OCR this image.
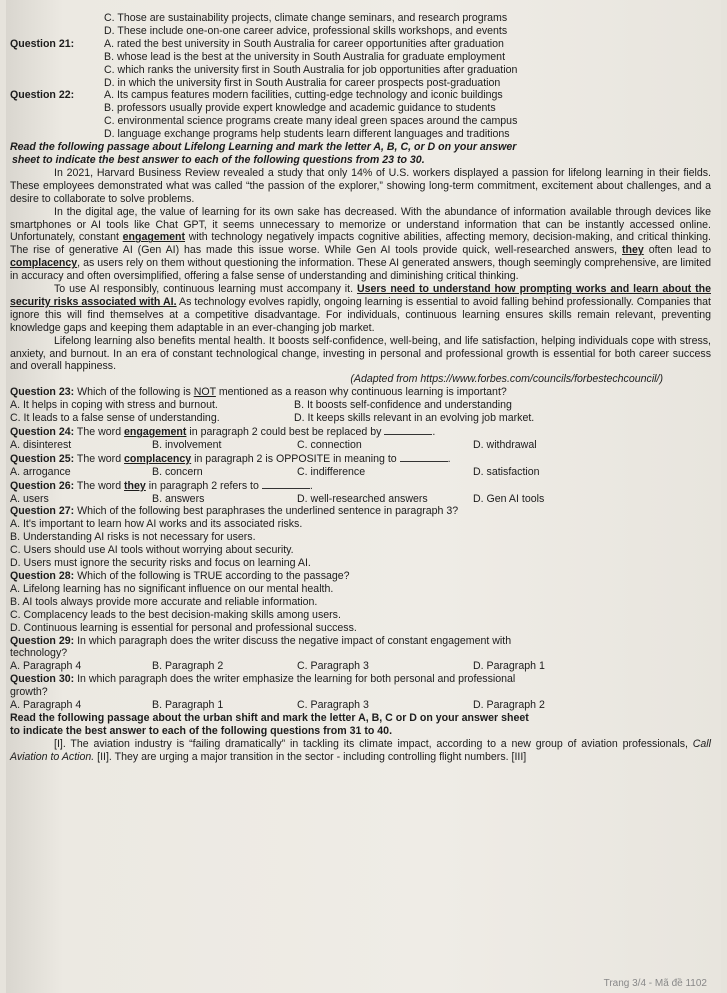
C. Those are sustainability projects, climate change seminars, and research programs
D. These include one-on-one career advice, professional skills workshops, and events
Question 21:	A. rated the best university in South Australia for career opportunities after graduation
B. whose lead is the best at the university in South Australia for graduate employment
C. which ranks the university first in South Australia for job opportunities after graduation
D. in which the university first in South Australia for career prospects post-graduation
Question 22:	A. Its campus features modern facilities, cutting-edge technology and iconic buildings
B. professors usually provide expert knowledge and academic guidance to students
C. environmental science programs create many ideal green spaces around the campus
D. language exchange programs help students learn different languages and traditions
Read the following passage about Lifelong Learning and mark the letter A, B, C, or D on your answer
sheet to indicate the best answer to each of the following questions from 23 to 30.
In 2021, Harvard Business Review revealed a study that only 14% of U.S. workers displayed a passion for lifelong learning in their fields. These employees demonstrated what was called “the passion of the explorer,” showing long-term commitment, excitement about challenges, and a desire to collaborate to solve problems.
In the digital age, the value of learning for its own sake has decreased. With the abundance of information available through devices like smartphones or AI tools like Chat GPT, it seems unnecessary to memorize or understand information that can be instantly accessed online. Unfortunately, constant engagement with technology negatively impacts cognitive abilities, affecting memory, decision-making, and critical thinking. The rise of generative AI (Gen AI) has made this issue worse. While Gen AI tools provide quick, well-researched answers, they often lead to complacency, as users rely on them without questioning the information. These AI generated answers, though seemingly comprehensive, are limited in accuracy and often oversimplified, offering a false sense of understanding and diminishing critical thinking.
To use AI responsibly, continuous learning must accompany it. Users need to understand how prompting works and learn about the security risks associated with AI. As technology evolves rapidly, ongoing learning is essential to avoid falling behind professionally. Companies that ignore this will find themselves at a competitive disadvantage. For individuals, continuous learning ensures skills remain relevant, preventing knowledge gaps and keeping them adaptable in an ever-changing job market.
Lifelong learning also benefits mental health. It boosts self-confidence, well-being, and life satisfaction, helping individuals cope with stress, anxiety, and burnout. In an era of constant technological change, investing in personal and professional growth is essential for both career success and overall happiness.
(Adapted from https://www.forbes.com/councils/forbestechcouncil/)
Question 23: Which of the following is NOT mentioned as a reason why continuous learning is important?
A. It helps in coping with stress and burnout.	B. It boosts self-confidence and understanding
C. It leads to a false sense of understanding.	D. It keeps skills relevant in an evolving job market.
Question 24: The word engagement in paragraph 2 could best be replaced by	.
A. disinterest	B. involvement	C. connection	D. withdrawal
Question 25: The word complacency in paragraph 2 is OPPOSITE in meaning to	.
A. arrogance	B. concern	C. indifference	D. satisfaction
Question 26: The word they in paragraph 2 refers to	.
A. users	B. answers	D. well-researched answers	D. Gen AI tools
Question 27: Which of the following best paraphrases the underlined sentence in paragraph 3?
A. It's important to learn how AI works and its associated risks.
B. Understanding AI risks is not necessary for users.
C. Users should use AI tools without worrying about security.
D. Users must ignore the security risks and focus on learning AI.
Question 28: Which of the following is TRUE according to the passage?
A. Lifelong learning has no significant influence on our mental health.
B. AI tools always provide more accurate and reliable information.
C. Complacency leads to the best decision-making skills among users.
D. Continuous learning is essential for personal and professional success.
Question 29: In which paragraph does the writer discuss the negative impact of constant engagement with
technology?
A. Paragraph 4	B. Paragraph 2	C. Paragraph 3	D. Paragraph 1
Question 30: In which paragraph does the writer emphasize the learning for both personal and professional
growth?
A. Paragraph 4	B. Paragraph 1	C. Paragraph 3	D. Paragraph 2
Read the following passage about the urban shift and mark the letter A, B, C or D on your answer sheet
to indicate the best answer to each of the following questions from 31 to 40.
[I]. The aviation industry is “failing dramatically” in tackling its climate impact, according to a new group of aviation professionals, Call Aviation to Action. [II]. They are urging a major transition in the sector - including controlling flight numbers. [III]
Trang 3/4 - Mã đề 1102
